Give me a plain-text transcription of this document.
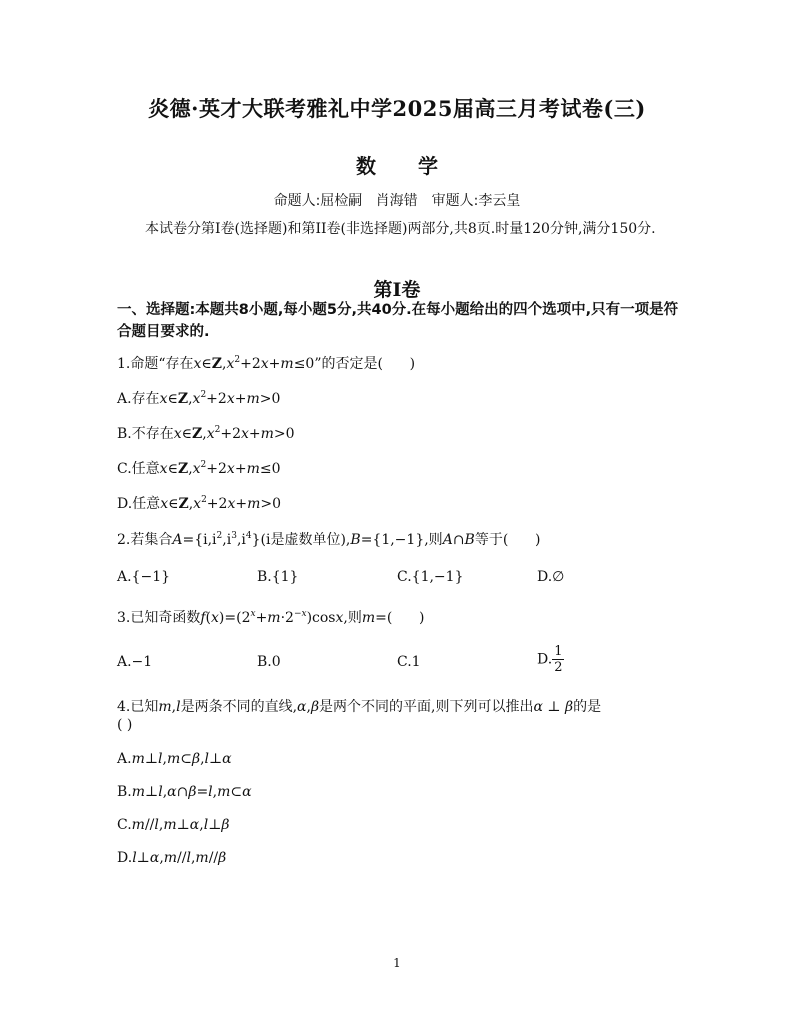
炎德·英才大联考雅礼中学2025届高三月考试卷(三)
数 学
命题人:屈检嗣   肖海错 审题人:李云皇
本试卷分第I卷(选择题)和第II卷(非选择题)两部分,共8页.时量120分钟,满分150分.
第I卷
一、选择题:本题共8小题,每小题5分,共40分.在每小题给出的四个选项中,只有一项是符合题目要求的.
1.命题“存在$x\in Z,x^2+2x+m\le 0$”的否定是(      )
A.存在$x\in Z,x^2+2x+m>0$
B.不存在$x\in Z,x^2+2x+m>0$
C.任意$x\in Z,x^2+2x+m\le 0$
D.任意$x\in Z,x^2+2x+m>0$
2.若集合$A=\{i,i^2,i^3,i^4\}(i$是虚数单位),B={1,−1},则A∩B等于(      )
A.{−1}	B.{1}	C.{1,−1}	D.∅
3.已知奇函数$f(x)=(2^x+m\cdot 2^{-x})\cos x$,则m=(      )
A.−1	B.0	C.1	D. $\frac{1}{2}$
4.已知m,l是两条不同的直线,α,β是两个不同的平面,则下列可以推出α ⊥ β的是
( )
A.m⊥l,m⊂β,l⊥α
B.m⊥l,α∩β=l,m⊂α
C.m//l,m⊥α,l⊥β
D.l⊥α,m//l,m//β
1
